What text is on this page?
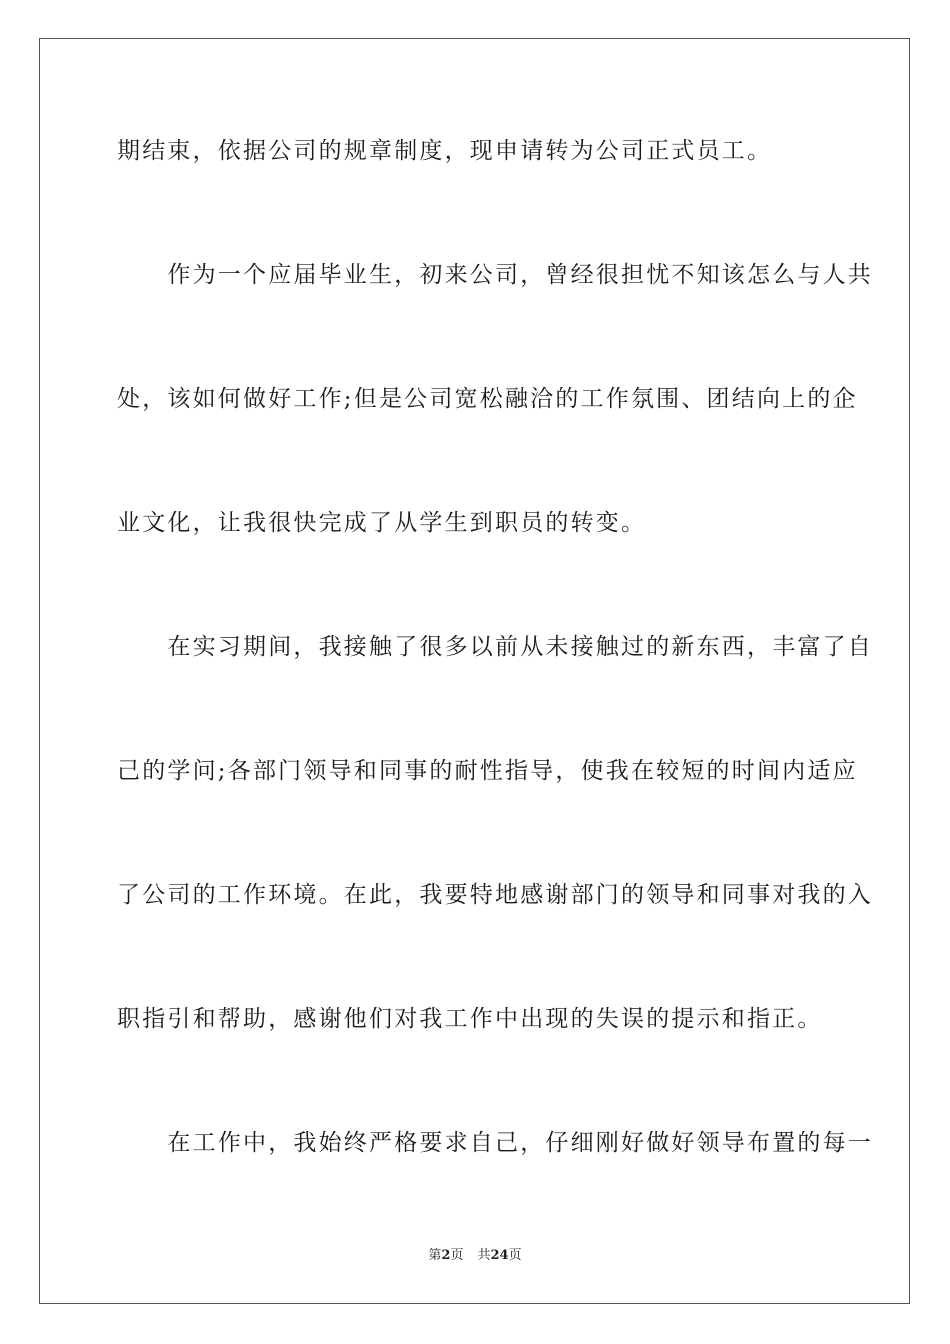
期结束，依据公司的规章制度，现申请转为公司正式员工。

　　作为一个应届毕业生，初来公司，曾经很担忧不知该怎么与人共

处，该如何做好工作;但是公司宽松融洽的工作氛围、团结向上的企

业文化，让我很快完成了从学生到职员的转变。

　　在实习期间，我接触了很多以前从未接触过的新东西，丰富了自

己的学问;各部门领导和同事的耐性指导，使我在较短的时间内适应

了公司的工作环境。在此，我要特地感谢部门的领导和同事对我的入

职指引和帮助，感谢他们对我工作中出现的失误的提示和指正。

　　在工作中，我始终严格要求自己，仔细刚好做好领导布置的每一

第2页 共24页
